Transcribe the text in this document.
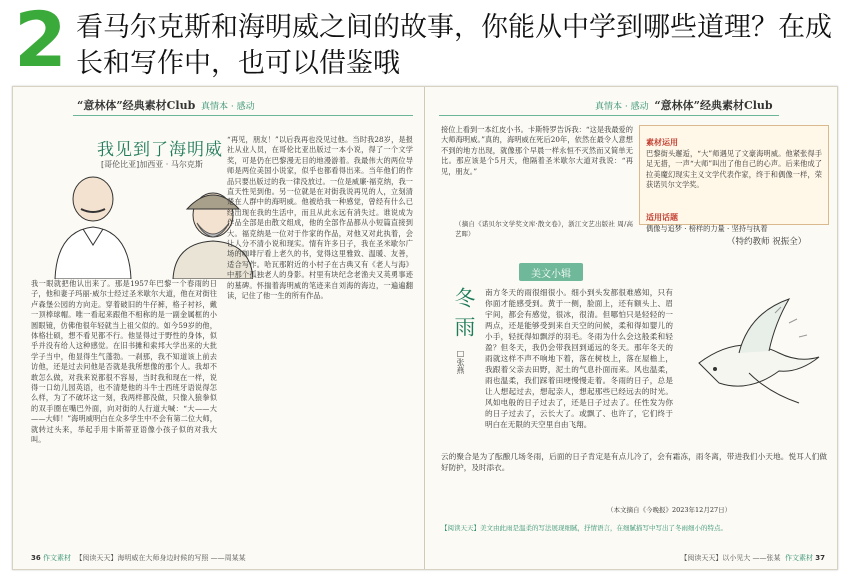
2 看马尔克斯和海明威之间的故事，你能从中学到哪些道理？在成长和写作中，也可以借鉴哦
“意林体”经典素材Club 真情本 · 感动
我见到了海明威
[哥伦比亚]加西亚 · 马尔克斯
我一眼就把他认出来了。那是1957年巴黎一个春雨的日子，他和妻子玛丽·威尔士经过圣米歇尔大道，他在对街往卢森堡公园的方向走。穿着破旧的牛仔裤，格子衬衫，戴一顶棒球帽。唯一看起来跟他不相称的是一副金属框的小圆眼镜，仿佛他很年轻就当上祖父似的。如今59岁的他，体格壮硕，想不看见都不行。他显得过于野性的身体，似乎并没有给人这种感觉。在旧书摊和索邦大学出来的大批学子当中，他显得生气蓬勃。一刹那，我不知道该上前去访他，还是过去问他是否就是我所想像的那个人。我却不敢怎么做，对我来说都很不容易，当时我和现在一样，说得一口幼儿园英语，也不清楚他的斗牛士西班牙语说得怎么样，为了不破坏这一刻，我两样都没做，只像入狼拳似的双手圈在嘴巴外面，向对街的人行道大喊：“大——大——大师！”海明威明白在众多学生中不会有第二位大师，就转过头来，举起手用卡斯蒂亚语像小孩子似的对我大叫。
“再见，朋友！”以后我再也没见过他。当时我28岁，是报社从业人员，在哥伦比亚出版过一本小说，得了一个文学奖，可是仍在巴黎漫无目的地漫游着。我最伟大的两位导师是两位美国小说家，似乎也都看得出来。当年他们的作品只要出版过的我一律没放过。一位是威廉·福克纳，我一直天性见到他。另一位就是在对街我说再见的人，立刻清楚在人群中的海明威。他被给我一种感觉，曾经有什么已经出现在我的生活中，而且从此永远有消失过。谁说成为作品全部是由散文组成，他的全部作品都从小短篇直接到大。福克纳是一位对于作家的作品，对他又对此执着，会让人分不清小说和现实。情有许多日子，我在圣米歇尔广场的咖啡厅看上老久的书，觉得这里雅致、温暖、友善，适合写作。哈瓦那附近的小村子在古典又有《老人与海》中那个孤独老人的身影。村里有块纪念老渔夫又英勇事迹的墓碑。怀揣着海明威的笔迹来自刘海的海边，一遍遍翻读，记住了他一生的所有作品。
36 作文素材 【阅读天天】海明威在大师身边时候的写照 ——周某某
真情本 · 感动 “意林体”经典素材Club
接位上看到一本红皮小书。卡斯特罗告诉我：“这是我最爱的大师海明威。”真的，海明威在死后20年，依然在最令人意想不到的地方出现，就像那个早晨一样永恒不灭然而又简单无比。那应该是个5月天，他隔着圣米歇尔大道对我说：“再见，朋友。”
（摘自《诺贝尔文学奖文库·散文卷》，浙江文艺出版社 周/高艺晖）
素材运用
巴黎街头邂逅，“大”师遇见了文豪海明威。他紧张得手足无措，一声“大师”叫出了他自己的心声。后来他成了拉美魔幻现实主义文学代表作家，终于和偶像一样，荣获诺贝尔文学奖。
适用话题
偶像与追梦 · 榜样的力量 · 坚持与执着
（特约教师 祝振全）
美文小辑
冬雨
□张燕
南方冬天的雨很细很小。细小到头发都很难感知，只有你面才能感受到。黄于一侧，脸面上，还有额头上、眉宇间，都会有感觉，很冰，很清。但哪怕只是轻轻的一两点，还是能够受到来自天空的问候，柔和得如婴儿的小手，轻抚得如飘浮的羽毛。冬雨为什么会这般柔和轻盈？但冬天，我仍会带我回到遥远的冬天。那年冬天的雨就这样不声不响地下着，落在树枝上，落在屋檐上，我跟着父亲去田野，泥土的气息扑面而来。风也温柔，雨也温柔，我们踩着田埂慢慢走着。冬雨的日子，总是让人想起过去，想起亲人，想起那些已经远去的时光。风如电般的日子过去了，还是日子过去了。任性发为你的日子过去了，云长大了。或飘了、也许了，它们终于明白在无限的天空里自由飞翔。
云的聚合是为了酝酿几场冬雨，后面的日子肯定是有点儿冷了，会有霜冻，雨冬离，带进我们小天地。悦耳人们做好防护，及时添衣。
（本文摘自《今晚报》2023年12月27日）
【阅读天天】美文由此雨是温柔的写法展现细腻，抒情语言，在细腻描写中写出了冬雨细小的特点。
【阅读天天】以小见大 ——张某 作文素材 37
